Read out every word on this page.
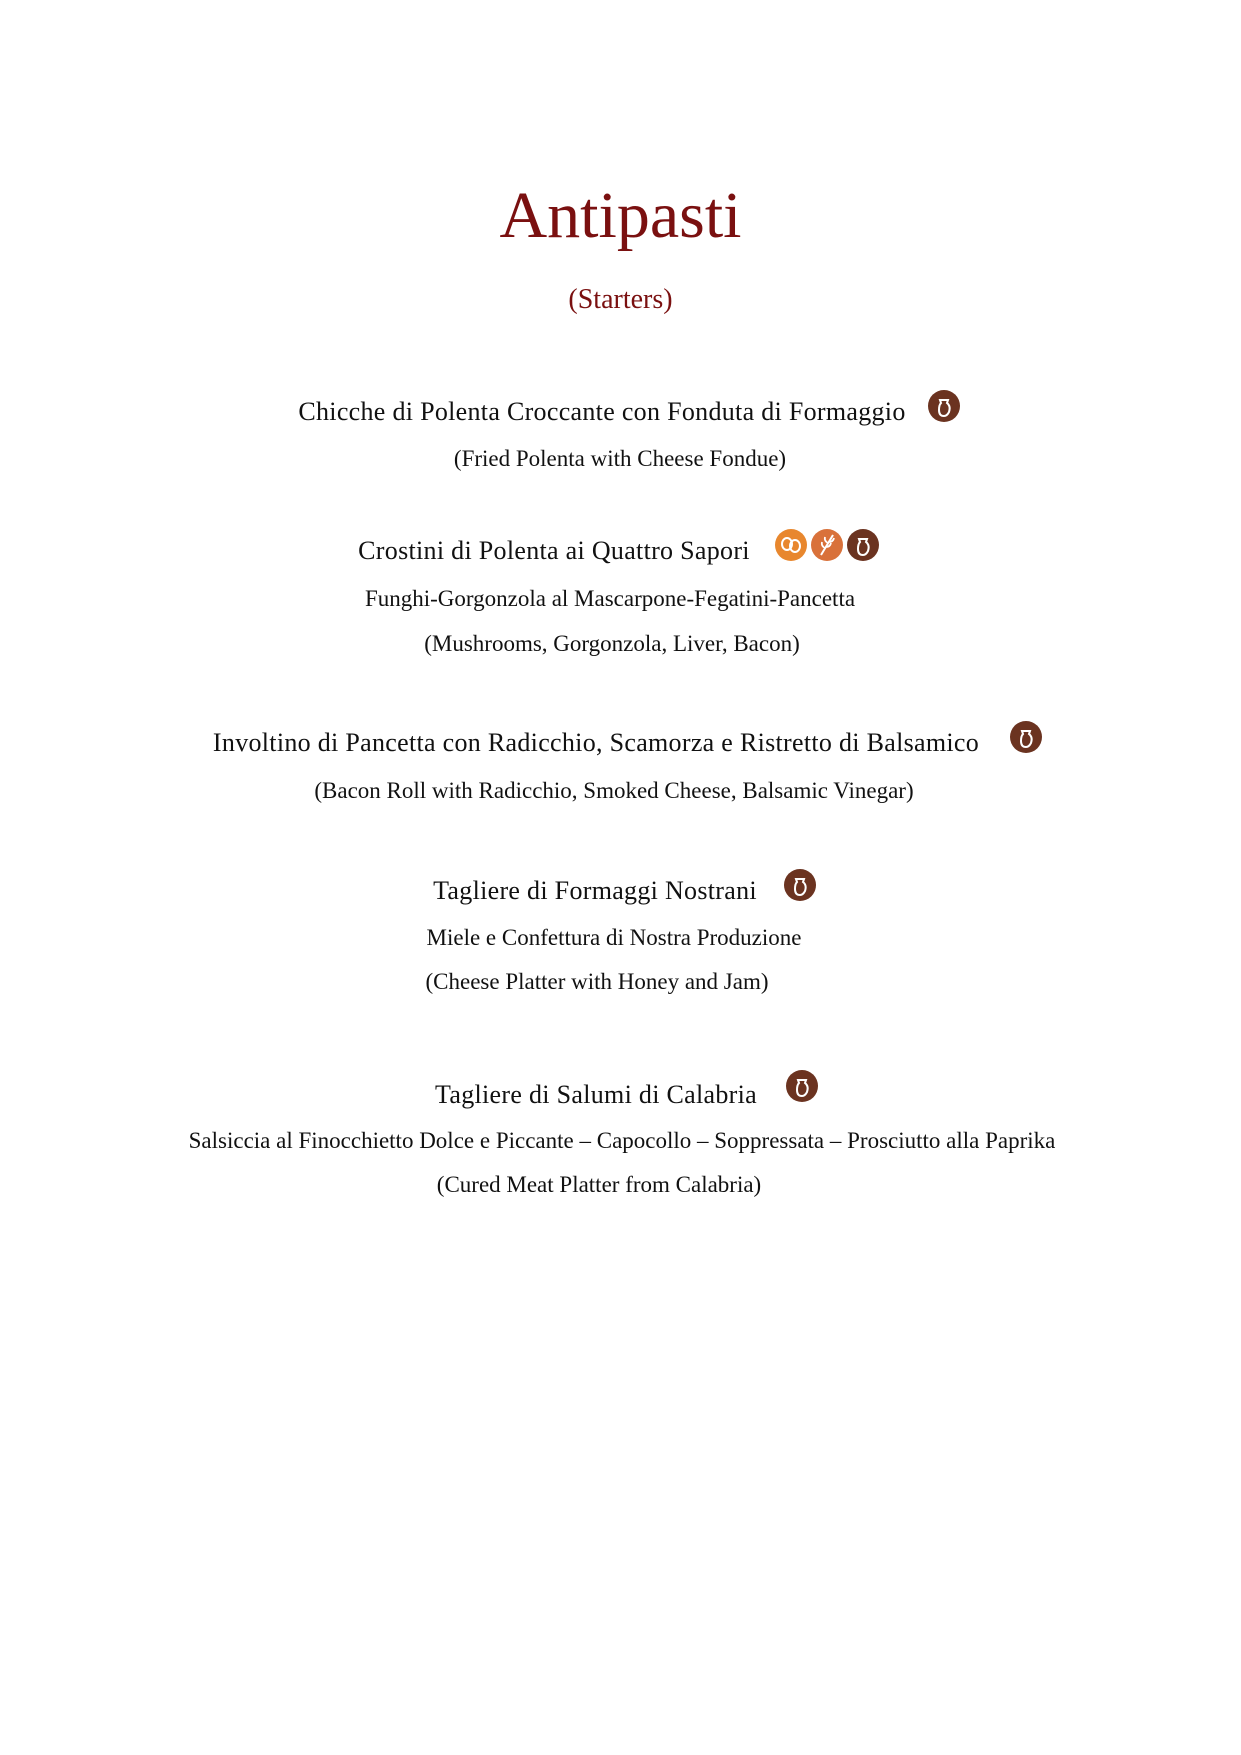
Antipasti
(Starters)
Chicche di Polenta Croccante con Fonduta di Formaggio
(Fried Polenta with Cheese Fondue)
Crostini di Polenta ai Quattro Sapori
Funghi-Gorgonzola al Mascarpone-Fegatini-Pancetta
(Mushrooms, Gorgonzola, Liver, Bacon)
Involtino di Pancetta con Radicchio, Scamorza e Ristretto di Balsamico
(Bacon Roll with Radicchio, Smoked Cheese, Balsamic Vinegar)
Tagliere di Formaggi Nostrani
Miele e Confettura di Nostra Produzione
(Cheese Platter with Honey and Jam)
Tagliere di Salumi di Calabria
Salsiccia al Finocchietto Dolce e Piccante – Capocollo – Soppressata – Prosciutto alla Paprika
(Cured Meat Platter from Calabria)
